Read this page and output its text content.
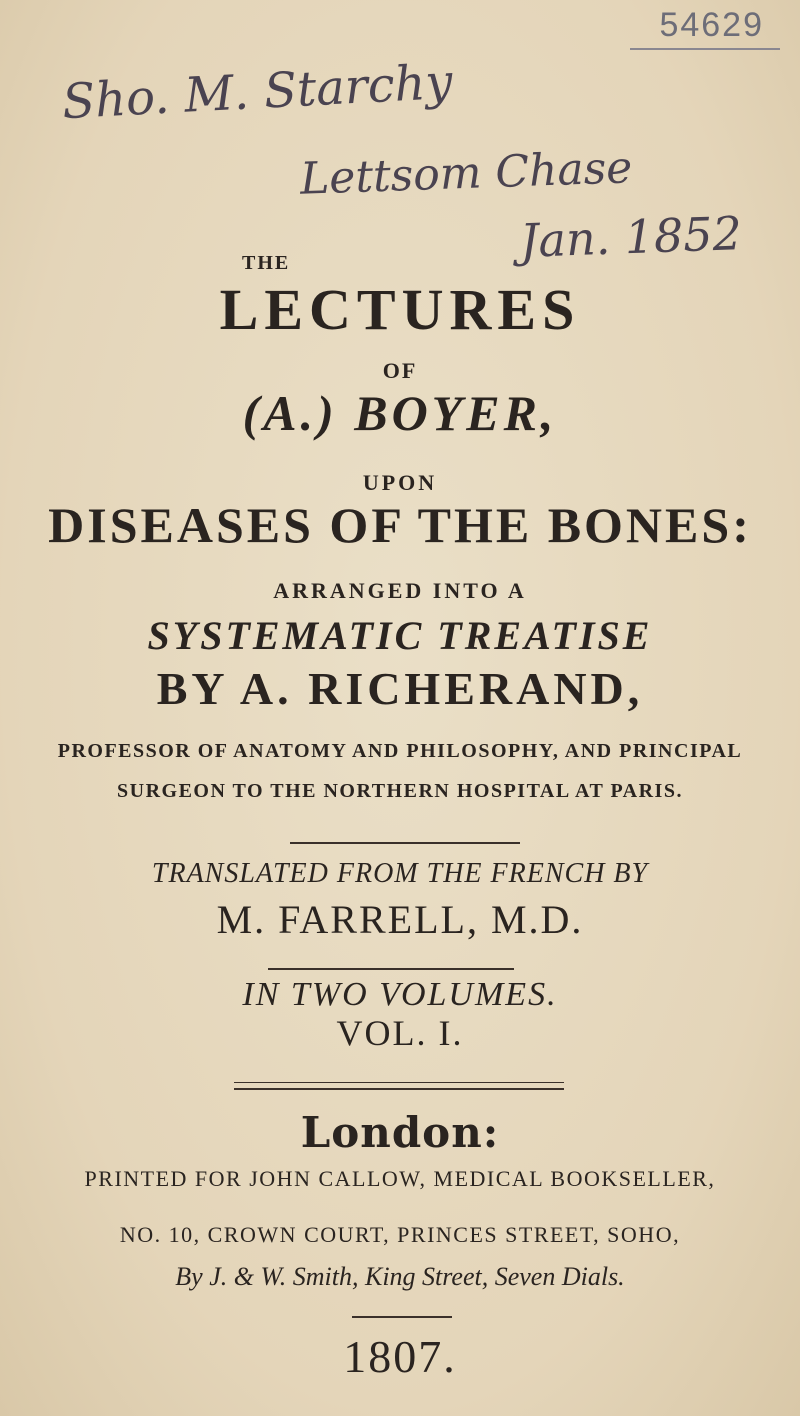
54629
Sho. M. Starchy
Lettsom Chase
Jan. 1852
THE
LECTURES
OF
(A.) BOYER,
UPON
DISEASES OF THE BONES:
ARRANGED INTO A
SYSTEMATIC TREATISE
BY A. RICHERAND,
PROFESSOR OF ANATOMY AND PHILOSOPHY, AND PRINCIPAL
SURGEON TO THE NORTHERN HOSPITAL AT PARIS.
TRANSLATED FROM THE FRENCH BY
M. FARRELL, M.D.
IN TWO VOLUMES.
VOL. I.
London:
PRINTED FOR JOHN CALLOW, MEDICAL BOOKSELLER,
NO. 10, CROWN COURT, PRINCES STREET, SOHO,
By J. & W. Smith, King Street, Seven Dials.
1807.
